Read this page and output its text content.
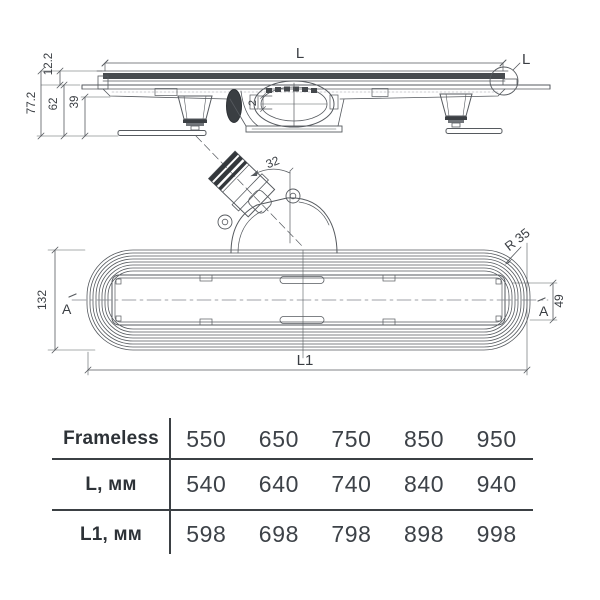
L	L
12.2
77.2 62 39	2
32
132 A	A
49
R 35
L1
Frameless	550	650	750	850	950
L, мм	540	640	740	840	940
L1, мм	598	698	798	898	998
